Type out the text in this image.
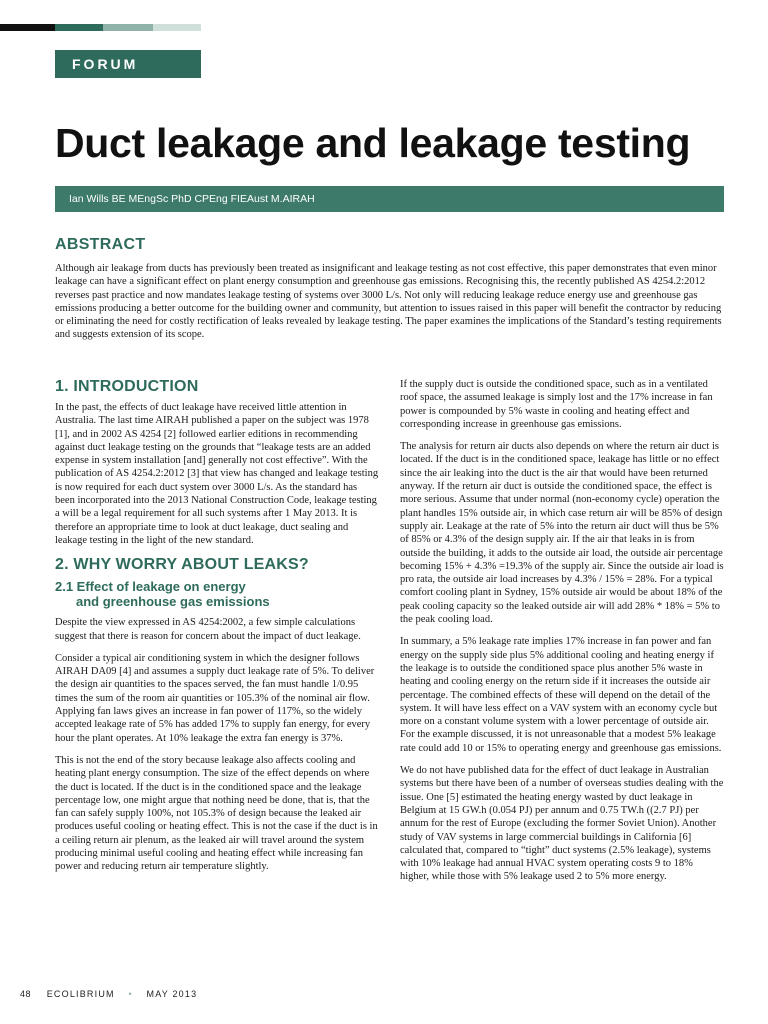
FORUM
Duct leakage and leakage testing
Ian Wills BE MEngSc PhD CPEng FIEAust M.AIRAH
ABSTRACT

Although air leakage from ducts has previously been treated as insignificant and leakage testing as not cost effective, this paper demonstrates that even minor leakage can have a significant effect on plant energy consumption and greenhouse gas emissions. Recognising this, the recently published AS 4254.2:2012 reverses past practice and now mandates leakage testing of systems over 3000 L/s. Not only will reducing leakage reduce energy use and greenhouse gas emissions producing a better outcome for the building owner and community, but attention to issues raised in this paper will benefit the contractor by reducing or eliminating the need for costly rectification of leaks revealed by leakage testing. The paper examines the implications of the Standard’s testing requirements and suggests extension of its scope.

1. INTRODUCTION

In the past, the effects of duct leakage have received little attention in Australia. The last time AIRAH published a paper on the subject was 1978 [1], and in 2002 AS 4254 [2] followed earlier editions in recommending against duct leakage testing on the grounds that “leakage tests are an added expense in system installation [and] generally not cost effective”. With the publication of AS 4254.2:2012 [3] that view has changed and leakage testing is now required for each duct system over 3000 L/s. As the standard has been incorporated into the 2013 National Construction Code, leakage testing a will be a legal requirement for all such systems after 1 May 2013. It is therefore an appropriate time to look at duct leakage, duct sealing and leakage testing in the light of the new standard.

2. WHY WORRY ABOUT LEAKS?
2.1 Effect of leakage on energy
and greenhouse gas emissions

Despite the view expressed in AS 4254:2002, a few simple calculations suggest that there is reason for concern about the impact of duct leakage.

Consider a typical air conditioning system in which the designer follows AIRAH DA09 [4] and assumes a supply duct leakage rate of 5%. To deliver the design air quantities to the spaces served, the fan must handle 1/0.95 times the sum of the room air quantities or 105.3% of the nominal air flow. Applying fan laws gives an increase in fan power of 117%, so the widely accepted leakage rate of 5% has added 17% to supply fan energy, for every hour the plant operates. At 10% leakage the extra fan energy is 37%.

This is not the end of the story because leakage also affects cooling and heating plant energy consumption. The size of the effect depends on where the duct is located. If the duct is in the conditioned space and the leakage percentage low, one might argue that nothing need be done, that is, that the fan can safely supply 100%, not 105.3% of design because the leaked air produces useful cooling or heating effect. This is not the case if the duct is in a ceiling return air plenum, as the leaked air will travel around the system producing minimal useful cooling and heating effect while increasing fan power and reducing return air temperature slightly.

If the supply duct is outside the conditioned space, such as in a ventilated roof space, the assumed leakage is simply lost and the 17% increase in fan power is compounded by 5% waste in cooling and heating effect and corresponding increase in greenhouse gas emissions.

The analysis for return air ducts also depends on where the return air duct is located. If the duct is in the conditioned space, leakage has little or no effect since the air leaking into the duct is the air that would have been returned anyway. If the return air duct is outside the conditioned space, the effect is more serious. Assume that under normal (non-economy cycle) operation the plant handles 15% outside air, in which case return air will be 85% of design supply air. Leakage at the rate of 5% into the return air duct will thus be 5% of 85% or 4.3% of the design supply air. If the air that leaks in is from outside the building, it adds to the outside air load, the outside air percentage becoming 15% + 4.3% =19.3% of the supply air. Since the outside air load is pro rata, the outside air load increases by 4.3% / 15% = 28%. For a typical comfort cooling plant in Sydney, 15% outside air would be about 18% of the peak cooling capacity so the leaked outside air will add 28% * 18% = 5% to the peak cooling load.

In summary, a 5% leakage rate implies 17% increase in fan power and fan energy on the supply side plus 5% additional cooling and heating energy if the leakage is to outside the conditioned space plus another 5% waste in heating and cooling energy on the return side if it increases the outside air percentage. The combined effects of these will depend on the detail of the system. It will have less effect on a VAV system with an economy cycle but more on a constant volume system with a lower percentage of outside air. For the example discussed, it is not unreasonable that a modest 5% leakage rate could add 10 or 15% to operating energy and greenhouse gas emissions.

We do not have published data for the effect of duct leakage in Australian systems but there have been of a number of overseas studies dealing with the issue. One [5] estimated the heating energy wasted by duct leakage in Belgium at 15 GW.h (0.054 PJ) per annum and 0.75 TW.h ((2.7 PJ) per annum for the rest of Europe (excluding the former Soviet Union). Another study of VAV systems in large commercial buildings in California [6] calculated that, compared to “tight” duct systems (2.5% leakage), systems with 10% leakage had annual HVAC system operating costs 9 to 18% higher, while those with 5% leakage used 2 to 5% more energy.

48 ECOLIBRIUM • MAY 2013
